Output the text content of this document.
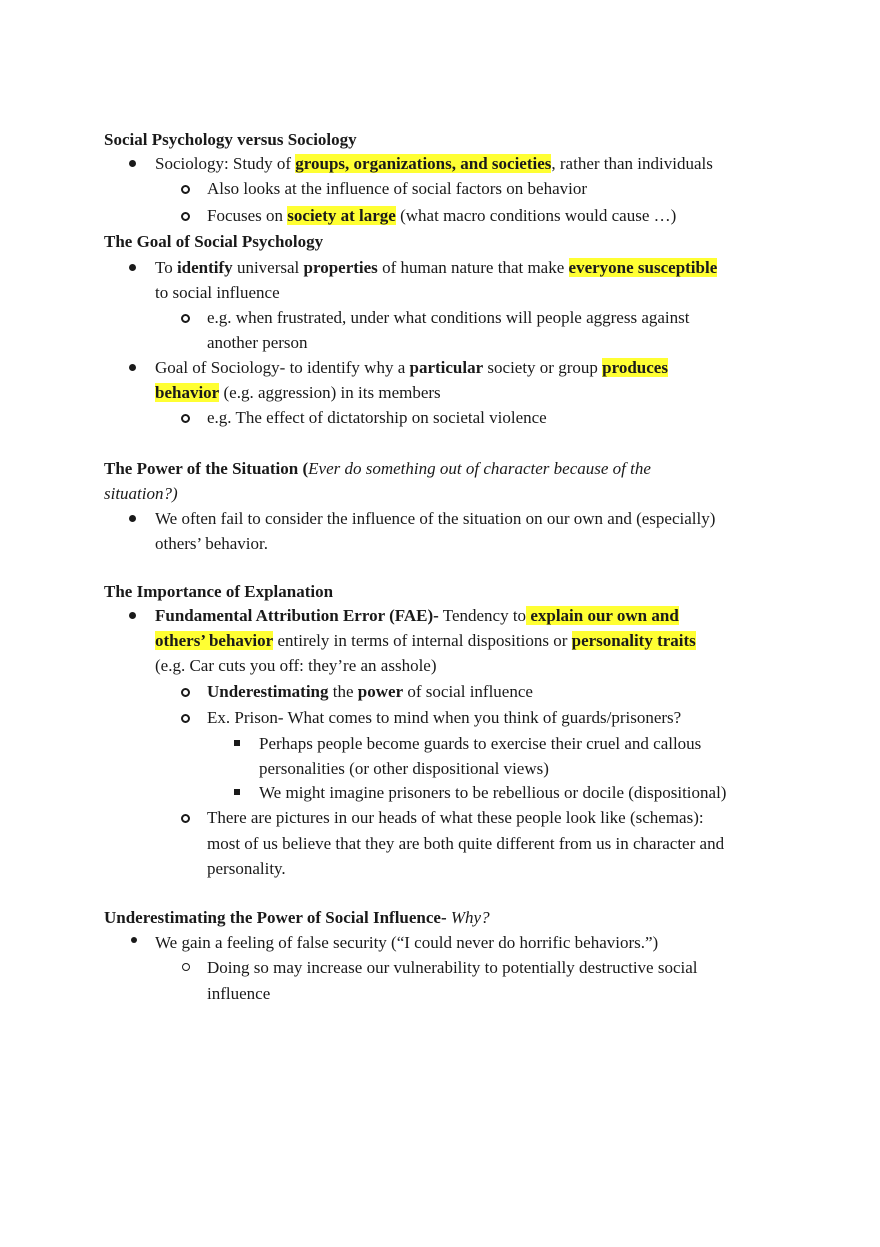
Social Psychology versus Sociology
Sociology: Study of groups, organizations, and societies, rather than individuals
Also looks at the influence of social factors on behavior
Focuses on society at large (what macro conditions would cause …)
The Goal of Social Psychology
To identify universal properties of human nature that make everyone susceptible
to social influence
e.g. when frustrated, under what conditions will people aggress against
another person
Goal of Sociology- to identify why a particular society or group produces
behavior (e.g. aggression) in its members
e.g. The effect of dictatorship on societal violence
The Power of the Situation (Ever do something out of character because of the
situation?)
We often fail to consider the influence of the situation on our own and (especially)
others’ behavior.
The Importance of Explanation
Fundamental Attribution Error (FAE)- Tendency to explain our own and
others’ behavior entirely in terms of internal dispositions or personality traits
(e.g. Car cuts you off: they’re an asshole)
Underestimating the power of social influence
Ex. Prison- What comes to mind when you think of guards/prisoners?
Perhaps people become guards to exercise their cruel and callous
personalities (or other dispositional views)
We might imagine prisoners to be rebellious or docile (dispositional)
There are pictures in our heads of what these people look like (schemas):
most of us believe that they are both quite different from us in character and
personality.
Underestimating the Power of Social Influence- Why?
We gain a feeling of false security (“I could never do horrific behaviors.”)
Doing so may increase our vulnerability to potentially destructive social
influence
